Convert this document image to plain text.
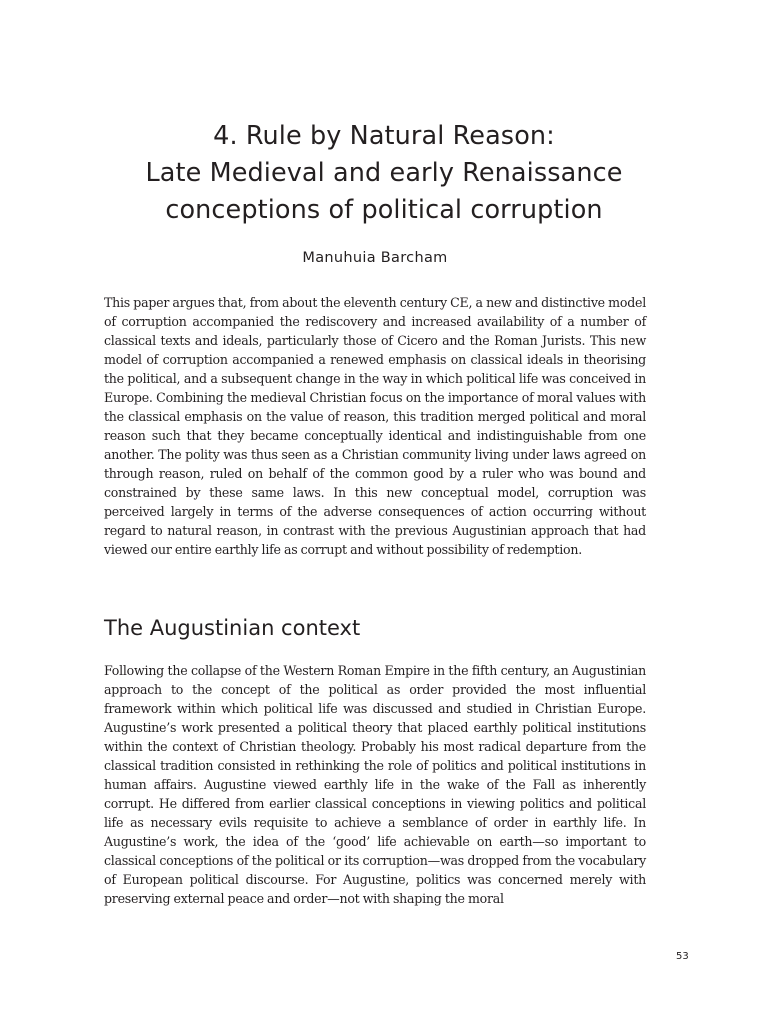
4. Rule by Natural Reason:
Late Medieval and early Renaissance
conceptions of political corruption
Manuhuia Barcham

This paper argues that, from about the eleventh century CE, a new and distinctive model of corruption accompanied the rediscovery and increased availability of a number of classical texts and ideals, particularly those of Cicero and the Roman Jurists. This new model of corruption accompanied a renewed emphasis on classical ideals in theorising the political, and a subsequent change in the way in which political life was conceived in Europe. Combining the medieval Christian focus on the importance of moral values with the classical emphasis on the value of reason, this tradition merged political and moral reason such that they became conceptually identical and indistinguishable from one another. The polity was thus seen as a Christian community living under laws agreed on through reason, ruled on behalf of the common good by a ruler who was bound and constrained by these same laws. In this new conceptual model, corruption was perceived largely in terms of the adverse consequences of action occurring without regard to natural reason, in contrast with the previous Augustinian approach that had viewed our entire earthly life as corrupt and without possibility of redemption.

The Augustinian context

Following the collapse of the Western Roman Empire in the fifth century, an Augustinian approach to the concept of the political as order provided the most influential framework within which political life was discussed and studied in Christian Europe. Augustine’s work presented a political theory that placed earthly political institutions within the context of Christian theology. Probably his most radical departure from the classical tradition consisted in rethinking the role of politics and political institutions in human affairs. Augustine viewed earthly life in the wake of the Fall as inherently corrupt. He differed from earlier classical conceptions in viewing politics and political life as necessary evils requisite to achieve a semblance of order in earthly life. In Augustine’s work, the idea of the ‘good’ life achievable on earth—so important to classical conceptions of the political or its corruption—was dropped from the vocabulary of European political discourse. For Augustine, politics was concerned merely with preserving external peace and order—not with shaping the moral

53
